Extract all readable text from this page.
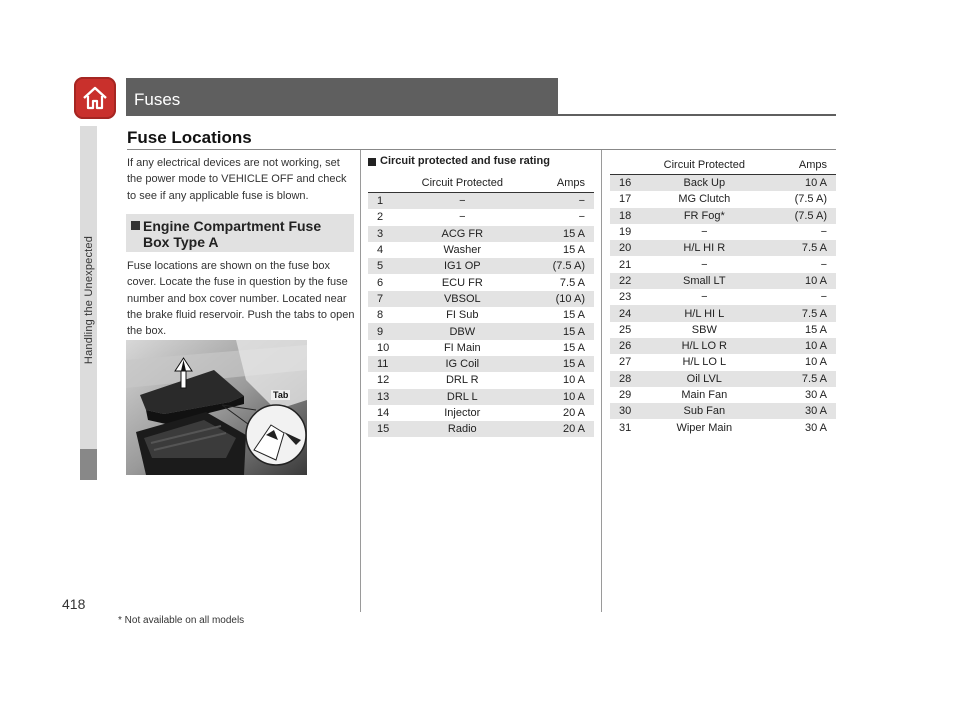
Handling the Unexpected
418
Fuses
Fuse Locations
If any electrical devices are not working, set the power mode to VEHICLE OFF and check to see if any applicable fuse is blown.
Engine Compartment Fuse
Box Type A
Fuse locations are shown on the fuse box cover. Locate the fuse in question by the fuse number and box cover number. Located near the brake fluid reservoir. Push the tabs to open the box.
Tab
Circuit protected and fuse rating
	Circuit Protected	Amps
1	−	−
2	−	−
3	ACG FR	15 A
4	Washer	15 A
5	IG1 OP	(7.5 A)
6	ECU FR	7.5 A
7	VBSOL	(10 A)
8	FI Sub	15 A
9	DBW	15 A
10	FI Main	15 A
11	IG Coil	15 A
12	DRL R	10 A
13	DRL L	10 A
14	Injector	20 A
15	Radio	20 A
	Circuit Protected	Amps
16	Back Up	10 A
17	MG Clutch	(7.5 A)
18	FR Fog*	(7.5 A)
19	−	−
20	H/L HI R	7.5 A
21	−	−
22	Small LT	10 A
23	−	−
24	H/L HI L	7.5 A
25	SBW	15 A
26	H/L LO R	10 A
27	H/L LO L	10 A
28	Oil LVL	7.5 A
29	Main Fan	30 A
30	Sub Fan	30 A
31	Wiper Main	30 A
* Not available on all models
